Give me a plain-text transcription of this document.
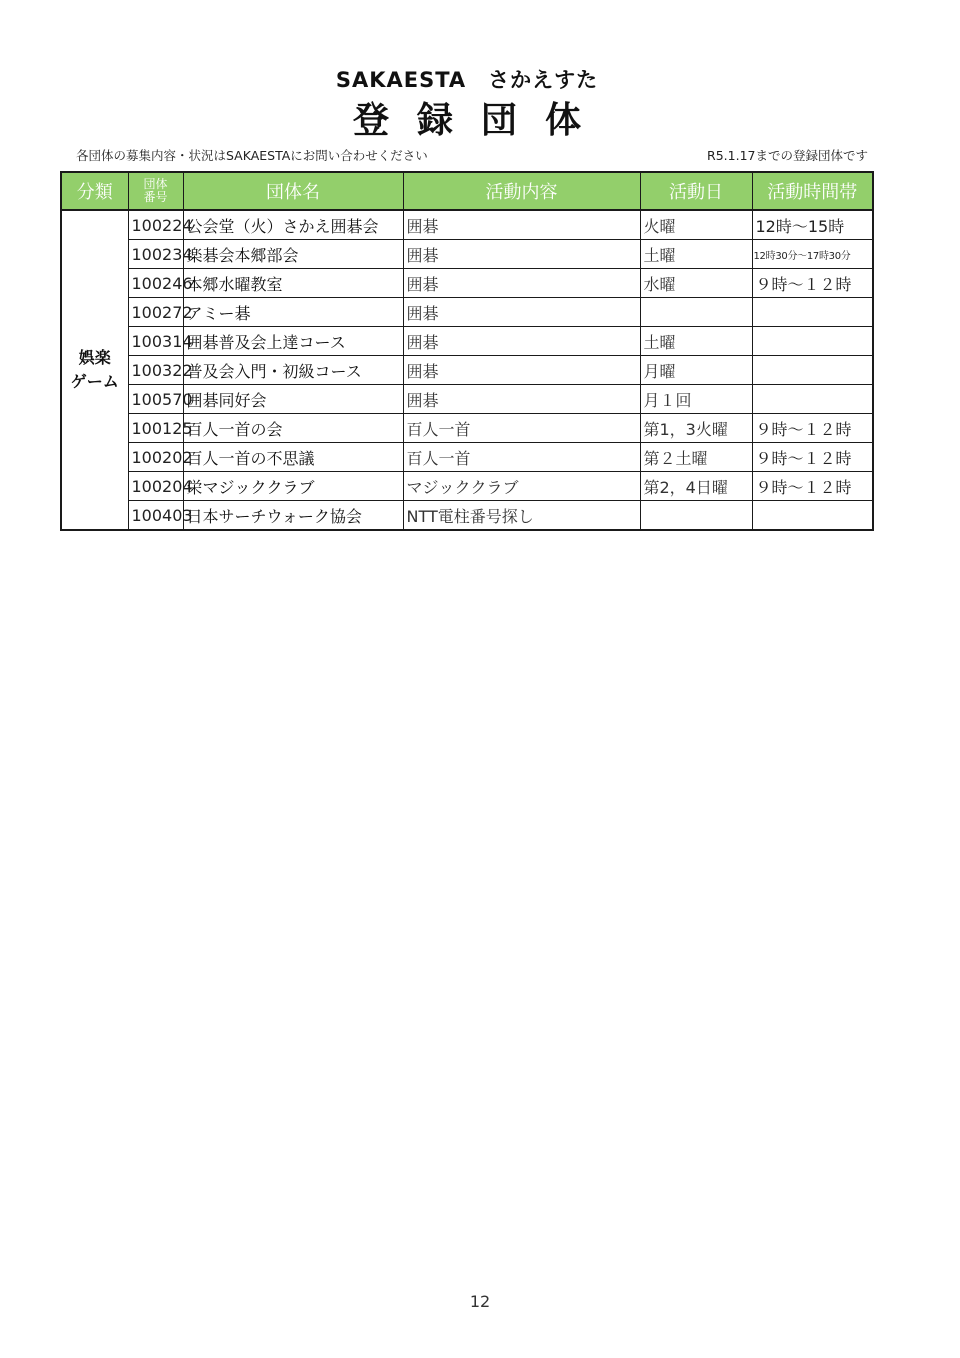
SAKAESTA　さかえすた
登録団体
各団体の募集内容・状況はSAKAESTAにお問い合わせください	R5.1.17までの登録団体です
分類	団体
番号	団体名	活動内容	活動日	活動時間帯

娯楽
ゲーム	100224	公会堂（火）さかえ囲碁会	囲碁	火曜	12時～15時
	100234	楽碁会本郷部会	囲碁	土曜	12時30分～17時30分
	100246	本郷水曜教室	囲碁	水曜	９時～１２時
	100272	アミー碁	囲碁		
	100314	囲碁普及会上達コース	囲碁	土曜	
	100322	普及会入門・初級コース	囲碁	月曜	
	100570	囲碁同好会	囲碁	月１回	
	100125	百人一首の会	百人一首	第1，3火曜	９時～１２時
	100202	百人一首の不思議	百人一首	第２土曜	９時～１２時
	100204	栄マジッククラブ	マジッククラブ	第2，4日曜	９時～１２時
	100403	日本サーチウォーク協会	NTT電柱番号探し		
12
